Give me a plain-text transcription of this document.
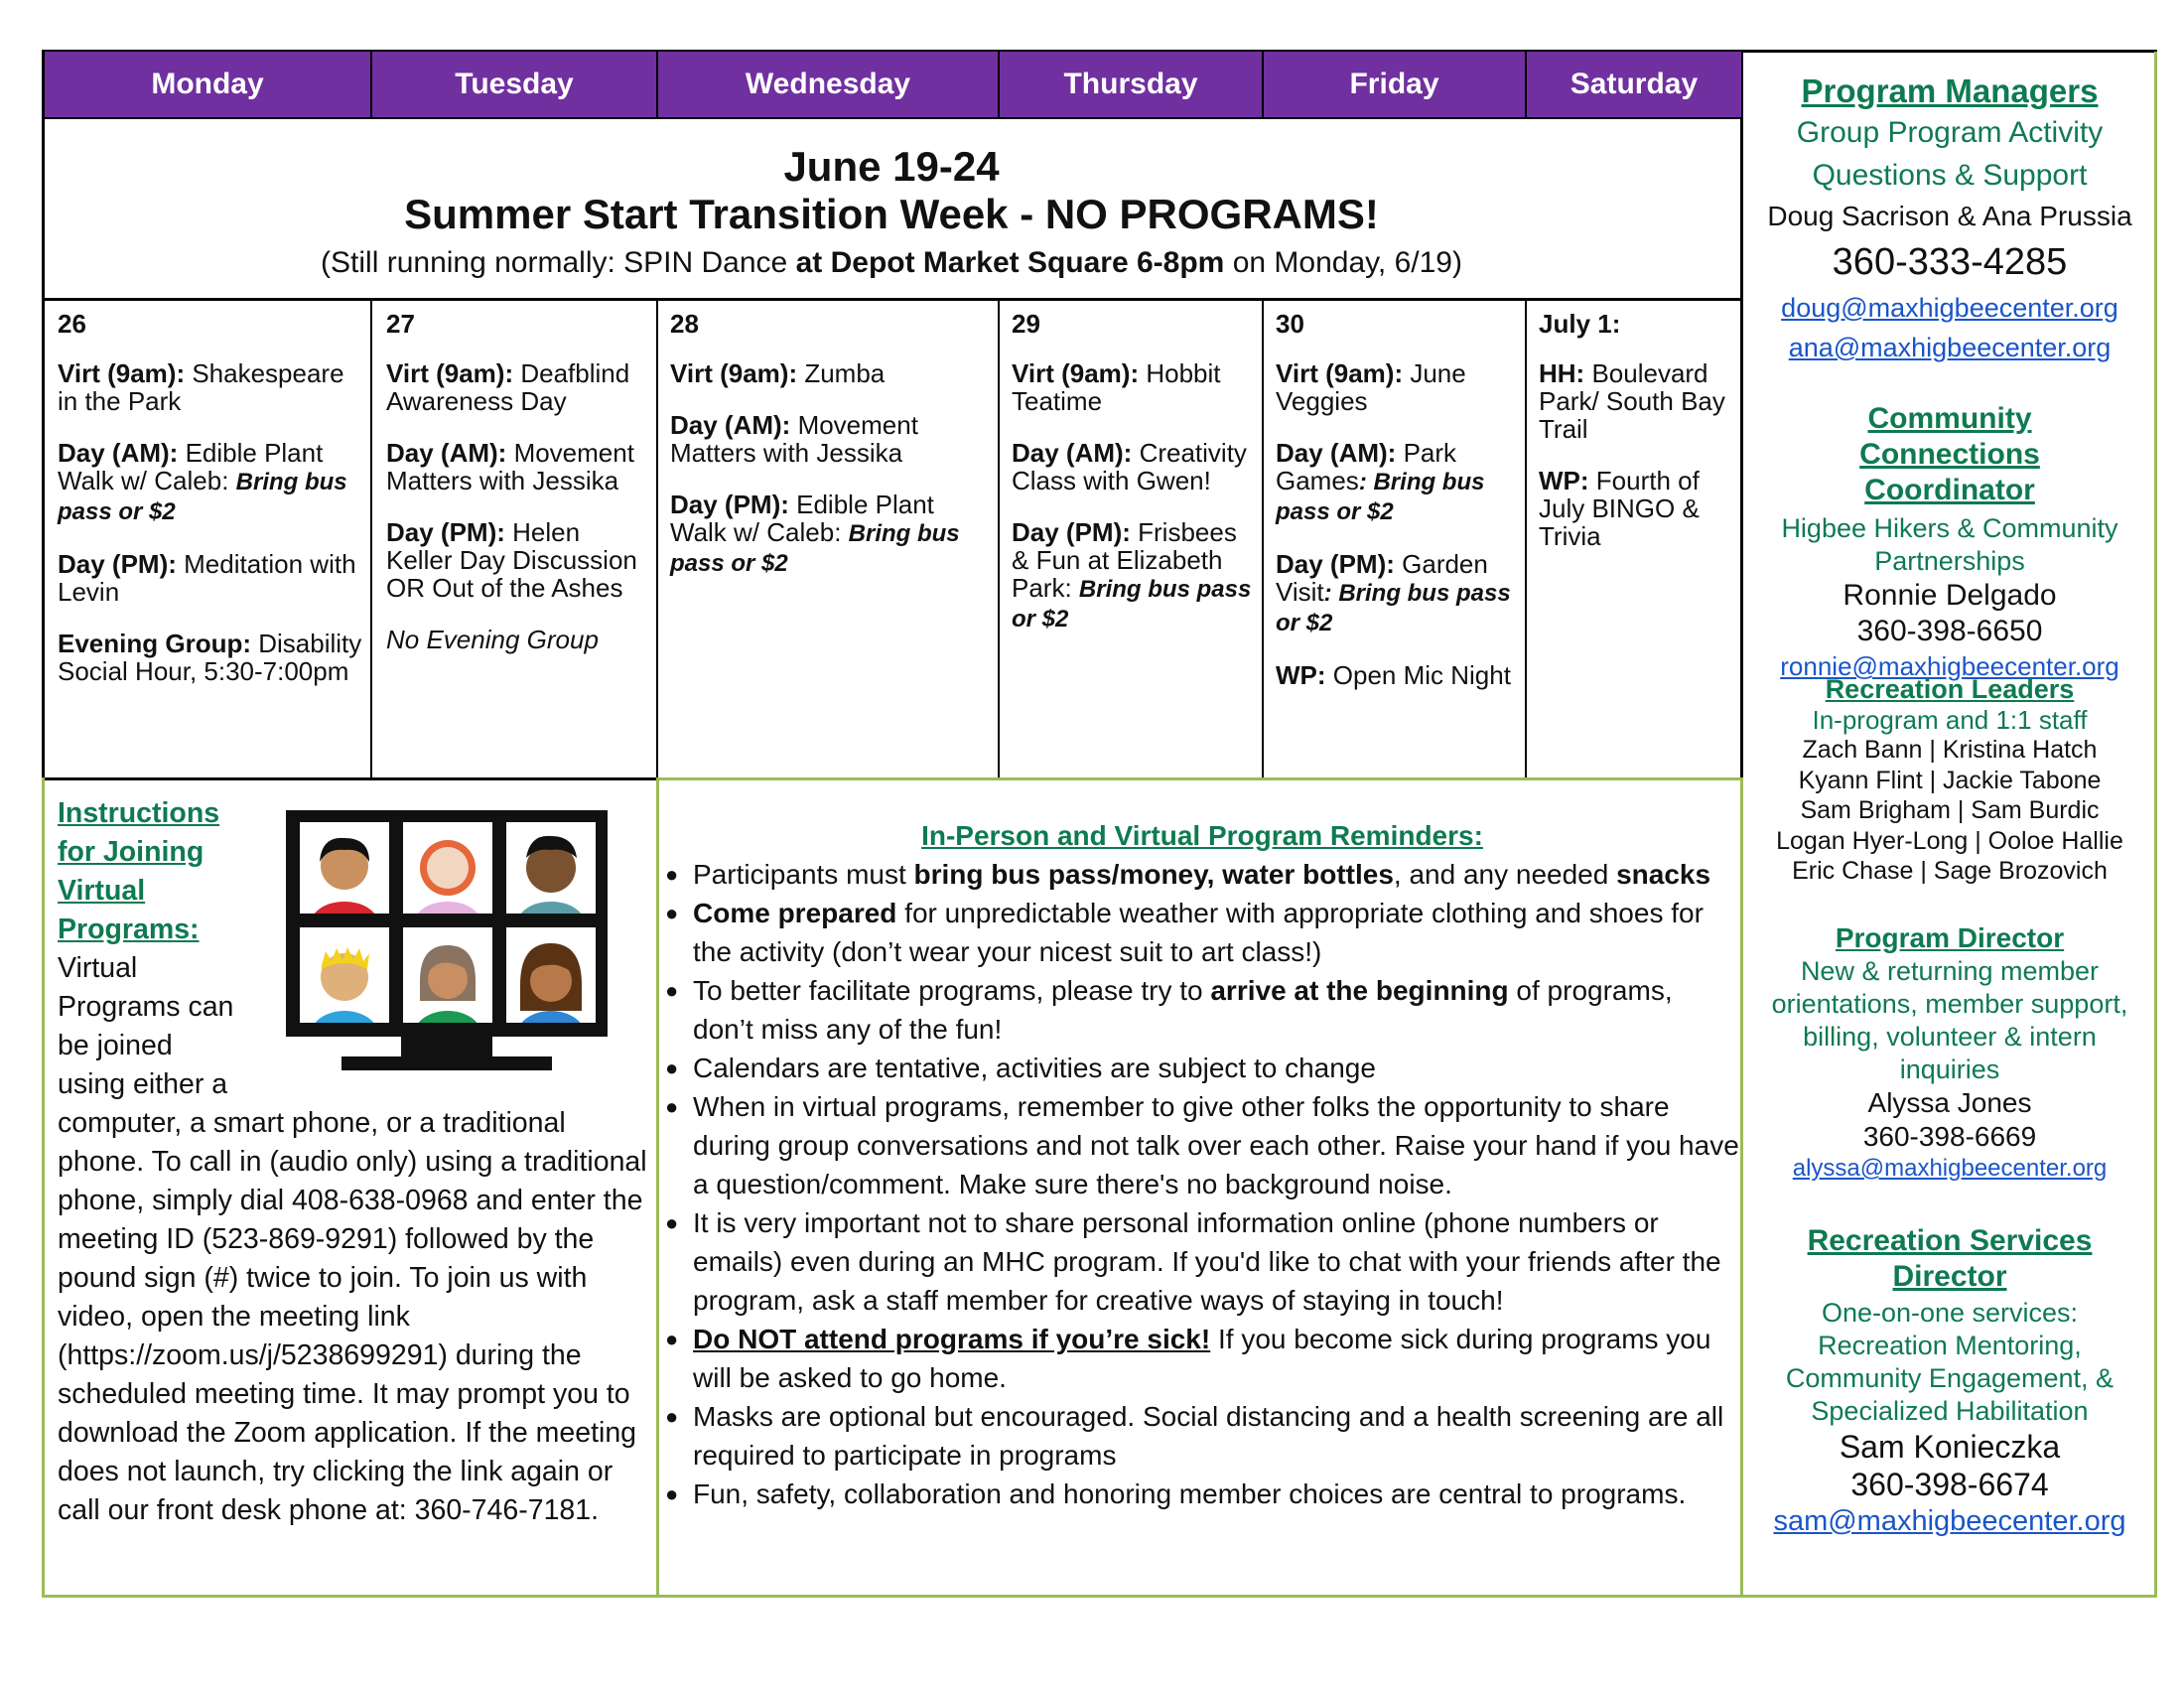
Monday	Tuesday	Wednesday	Thursday	Friday	Saturday
June 19-24
Summer Start Transition Week - NO PROGRAMS!
(Still running normally: SPIN Dance at Depot Market Square 6-8pm on Monday, 6/19)
26
Virt (9am): Shakespeare in the Park
Day (AM): Edible Plant Walk w/ Caleb: Bring bus pass or $2
Day (PM): Meditation with Levin
Evening Group: Disability Social Hour, 5:30-7:00pm
27
Virt (9am): Deafblind Awareness Day
Day (AM): Movement Matters with Jessika
Day (PM): Helen Keller Day Discussion OR Out of the Ashes
No Evening Group
28
Virt (9am): Zumba
Day (AM): Movement Matters with Jessika
Day (PM): Edible Plant Walk w/ Caleb: Bring bus pass or $2
29
Virt (9am): Hobbit Teatime
Day (AM): Creativity Class with Gwen!
Day (PM): Frisbees & Fun at Elizabeth Park: Bring bus pass or $2
30
Virt (9am): June Veggies
Day (AM): Park Games: Bring bus pass or $2
Day (PM): Garden Visit: Bring bus pass or $2
WP: Open Mic Night
July 1:
HH: Boulevard Park/ South Bay Trail
WP: Fourth of July BINGO & Trivia
Program Managers
Group Program Activity
Questions & Support
Doug Sacrison & Ana Prussia
360-333-4285
doug@maxhigbeecenter.org
ana@maxhigbeecenter.org
Community Connections Coordinator
Higbee Hikers & Community Partnerships
Ronnie Delgado
360-398-6650
ronnie@maxhigbeecenter.org
Recreation Leaders
In-program and 1:1 staff
Zach Bann | Kristina Hatch
Kyann Flint | Jackie Tabone
Sam Brigham | Sam Burdic
Logan Hyer-Long | Ooloe Hallie
Eric Chase | Sage Brozovich
Program Director
New & returning member orientations, member support, billing, volunteer & intern inquiries
Alyssa Jones
360-398-6669
alyssa@maxhigbeecenter.org
Recreation Services Director
One-on-one services: Recreation Mentoring, Community Engagement, & Specialized Habilitation
Sam Konieczka
360-398-6674
sam@maxhigbeecenter.org
Instructions
for Joining
Virtual
Programs:
Virtual
Programs can
be joined
using either a
computer, a smart phone, or a traditional phone. To call in (audio only) using a traditional phone, simply dial 408-638-0968 and enter the meeting ID (523-869-9291) followed by the pound sign (#) twice to join. To join us with video, open the meeting link (https://zoom.us/j/5238699291) during the scheduled meeting time. It may prompt you to download the Zoom application. If the meeting does not launch, try clicking the link again or call our front desk phone at: 360-746-7181.
In-Person and Virtual Program Reminders:
● Participants must bring bus pass/money, water bottles, and any needed snacks
● Come prepared for unpredictable weather with appropriate clothing and shoes for the activity (don’t wear your nicest suit to art class!)
● To better facilitate programs, please try to arrive at the beginning of programs, don’t miss any of the fun!
● Calendars are tentative, activities are subject to change
● When in virtual programs, remember to give other folks the opportunity to share during group conversations and not talk over each other. Raise your hand if you have a question/comment. Make sure there's no background noise.
● It is very important not to share personal information online (phone numbers or emails) even during an MHC program. If you'd like to chat with your friends after the program, ask a staff member for creative ways of staying in touch!
● Do NOT attend programs if you’re sick! If you become sick during programs you will be asked to go home.
● Masks are optional but encouraged. Social distancing and a health screening are all required to participate in programs
● Fun, safety, collaboration and honoring member choices are central to programs.
